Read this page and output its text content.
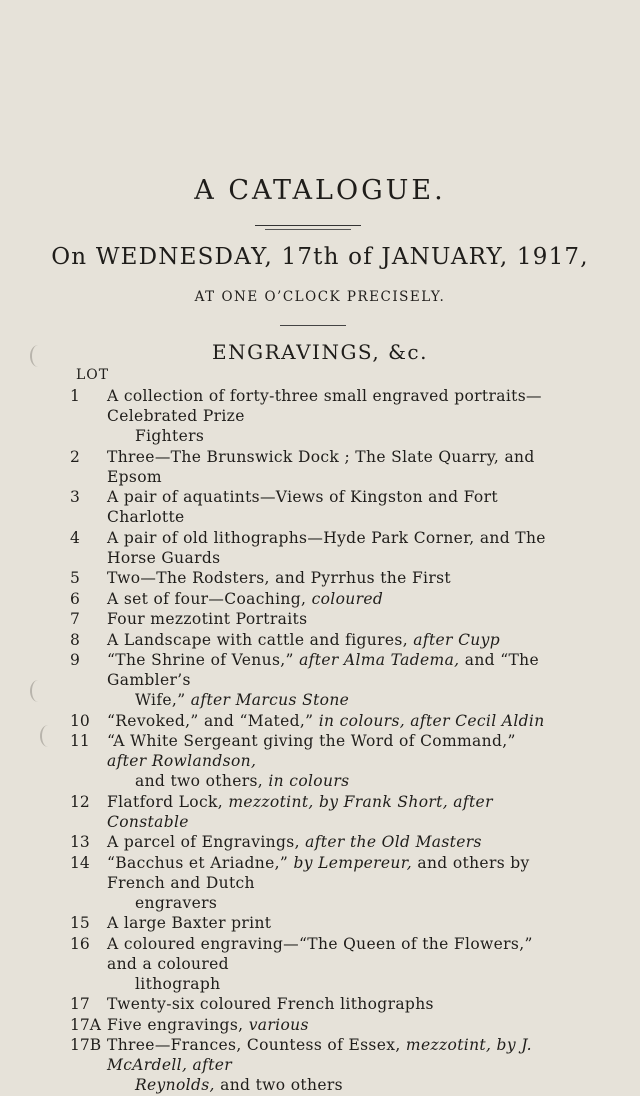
A CATALOGUE.
On WEDNESDAY, 17th of JANUARY, 1917,
AT ONE O’CLOCK PRECISELY.
ENGRAVINGS, &c.
LOT
1	A collection of forty-three small engraved portraits—Celebrated Prize
Fighters
2	Three—The Brunswick Dock ; The Slate Quarry, and Epsom
3	A pair of aquatints—Views of Kingston and Fort Charlotte
4	A pair of old lithographs—Hyde Park Corner, and The Horse Guards
5	Two—The Rodsters, and Pyrrhus the First
6	A set of four—Coaching, coloured
7	Four mezzotint Portraits
8	A Landscape with cattle and figures, after Cuyp
9	“The Shrine of Venus,” after Alma Tadema, and “The Gambler’s
Wife,” after Marcus Stone
10	“Revoked,” and “Mated,” in colours, after Cecil Aldin
11	“A White Sergeant giving the Word of Command,” after Rowlandson,
and two others, in colours
12	Flatford Lock, mezzotint, by Frank Short, after Constable
13	A parcel of Engravings, after the Old Masters
14	“Bacchus et Ariadne,” by Lempereur, and others by French and Dutch
engravers
15	A large Baxter print
16	A coloured engraving—“The Queen of the Flowers,” and a coloured
lithograph
17	Twenty-six coloured French lithographs
17A Five engravings, various
17B Three—Frances, Countess of Essex, mezzotint, by J. McArdell, after
Reynolds, and two others
